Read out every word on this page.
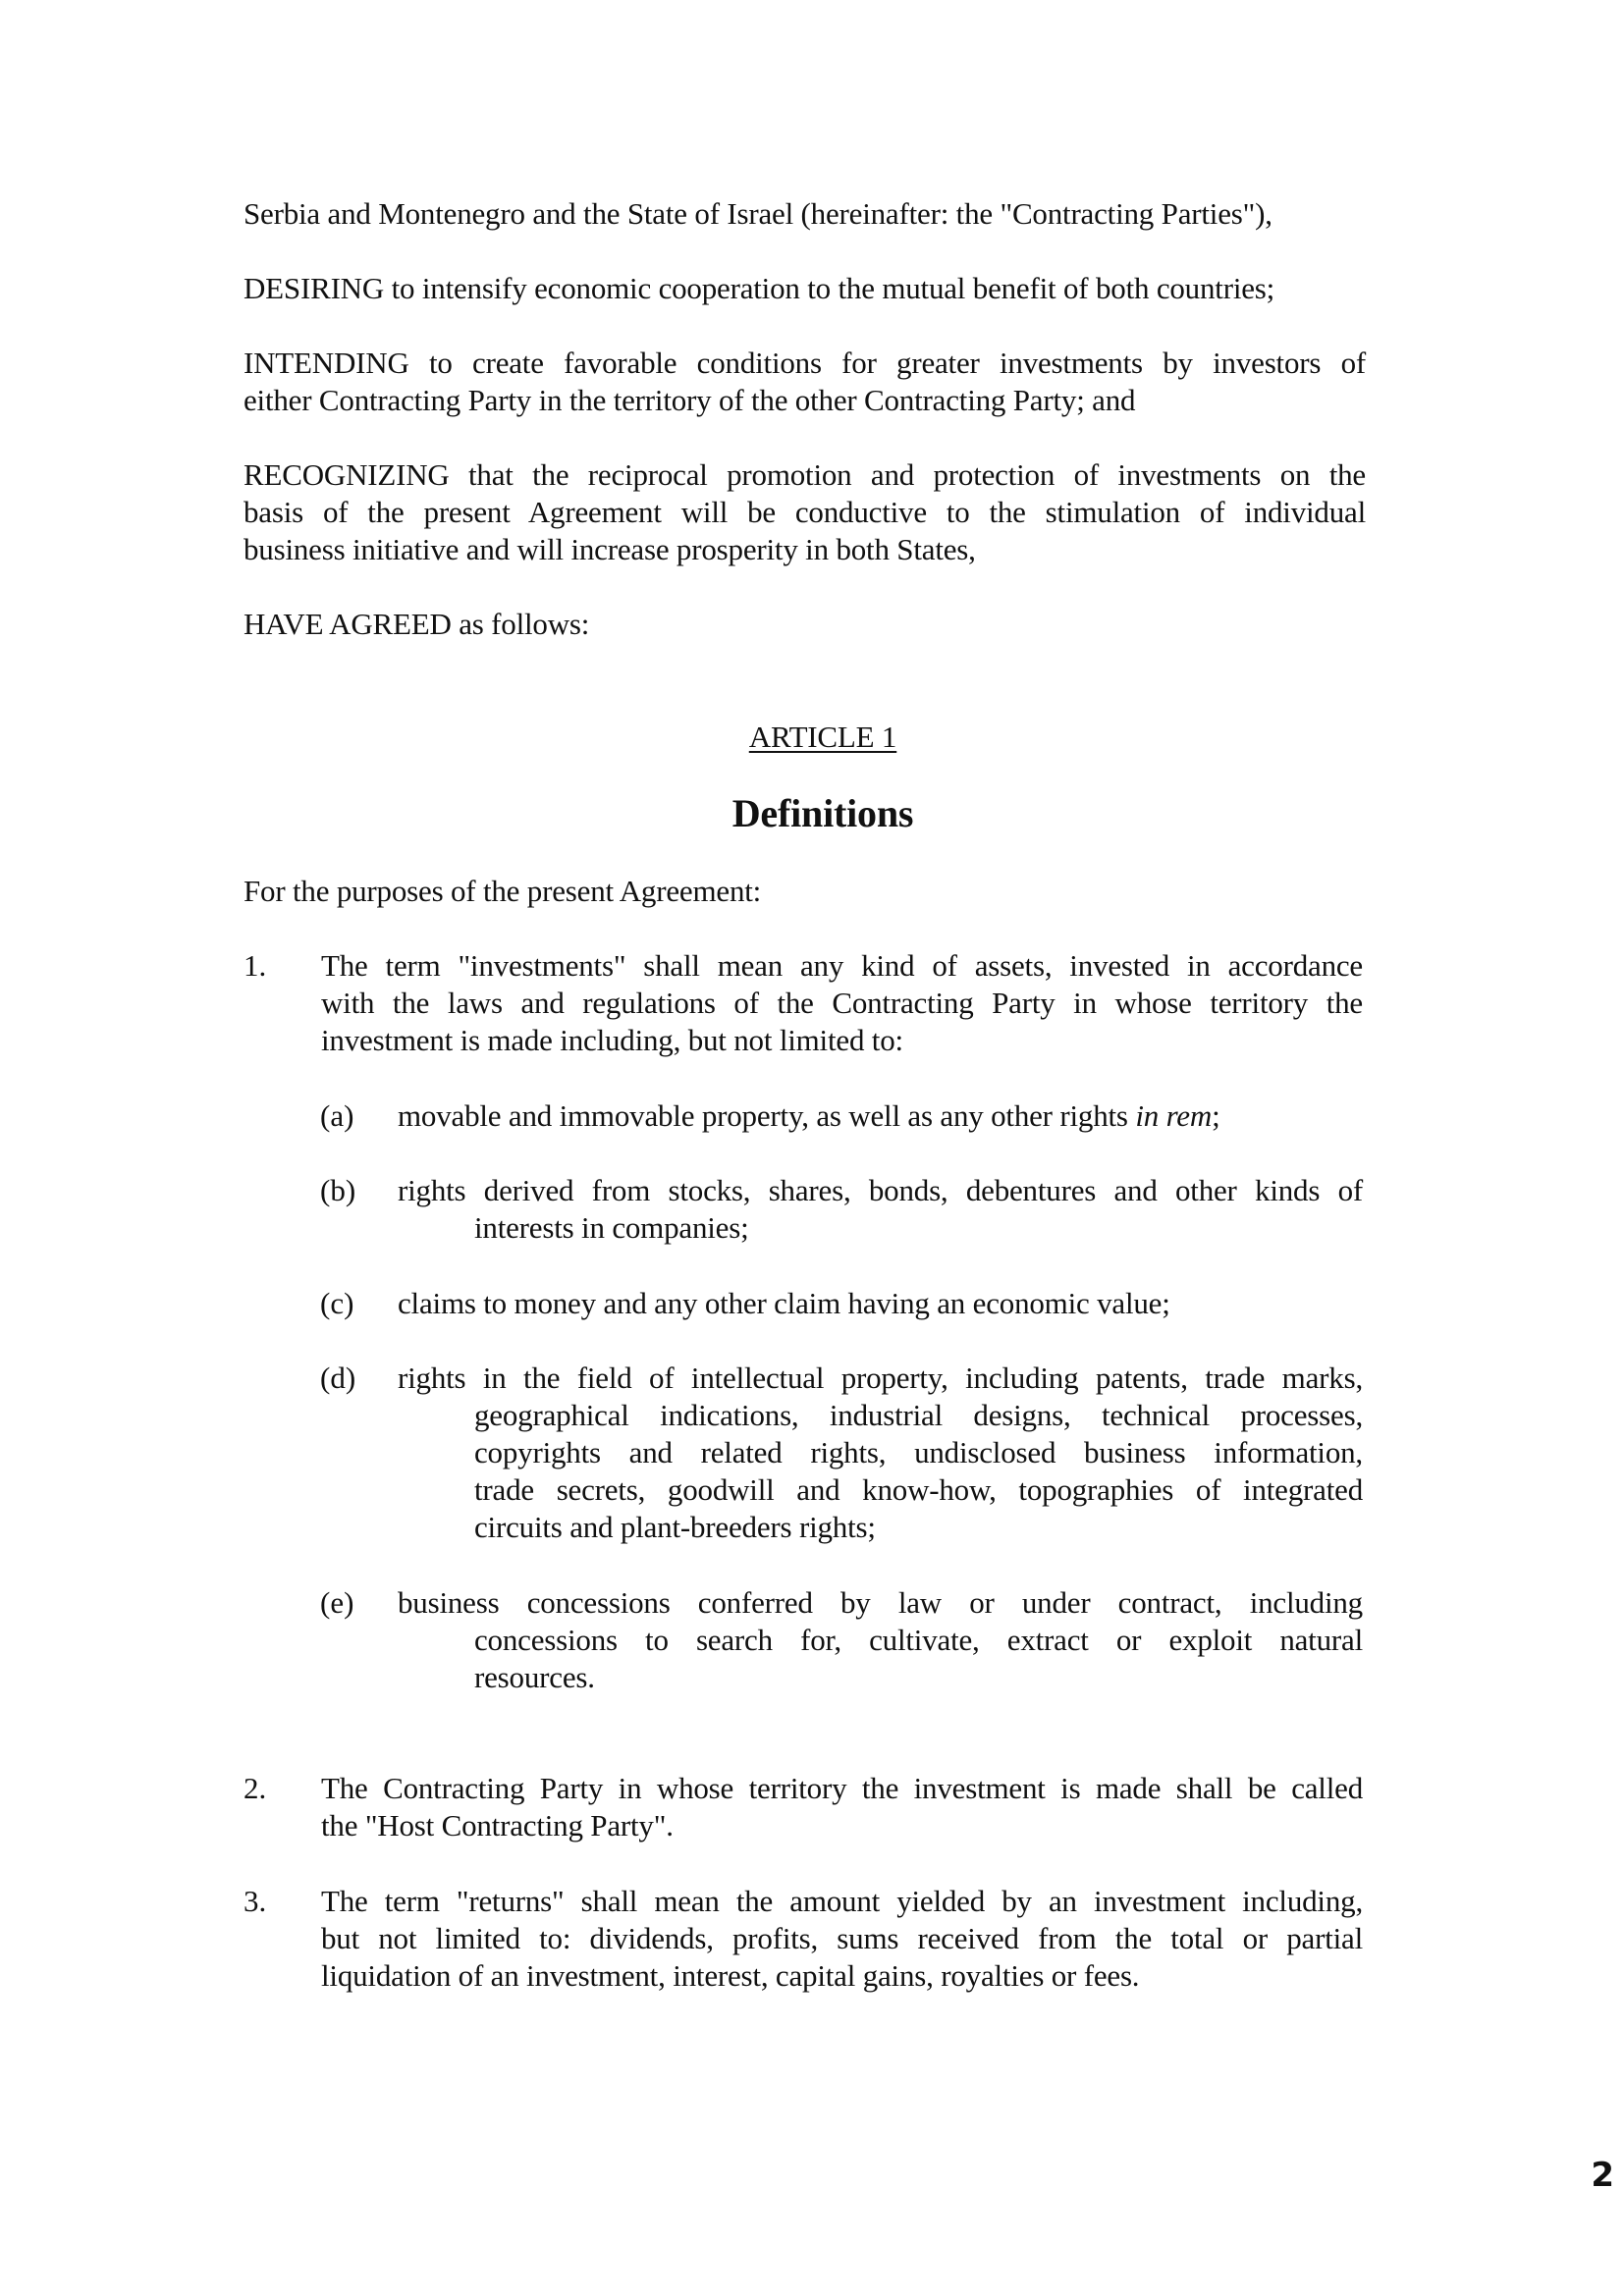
Serbia and Montenegro and the State of Israel (hereinafter: the "Contracting Parties"),
DESIRING to intensify economic cooperation to the mutual benefit of both countries;
INTENDING to create favorable conditions for greater investments by investors of
either Contracting Party in the territory of the other Contracting Party; and
RECOGNIZING that the reciprocal promotion and protection of investments on the
basis of the present Agreement will be conductive to the stimulation of individual
business initiative and will increase prosperity in both States,
HAVE AGREED as follows:
ARTICLE 1
Definitions
For the purposes of the present Agreement:
1. The term "investments" shall mean any kind of assets, invested in accordance
with the laws and regulations of the Contracting Party in whose territory the
investment is made including, but not limited to:
(a) movable and immovable property, as well as any other rights in rem;
(b) rights derived from stocks, shares, bonds, debentures and other kinds of
interests in companies;
(c) claims to money and any other claim having an economic value;
(d) rights in the field of intellectual property, including patents, trade marks,
geographical indications, industrial designs, technical processes,
copyrights and related rights, undisclosed business information,
trade secrets, goodwill and know-how, topographies of integrated
circuits and plant-breeders rights;
(e) business concessions conferred by law or under contract, including
concessions to search for, cultivate, extract or exploit natural
resources.
2. The Contracting Party in whose territory the investment is made shall be called
the "Host Contracting Party".
3. The term "returns" shall mean the amount yielded by an investment including,
but not limited to: dividends, profits, sums received from the total or partial
liquidation of an investment, interest, capital gains, royalties or fees.
2
